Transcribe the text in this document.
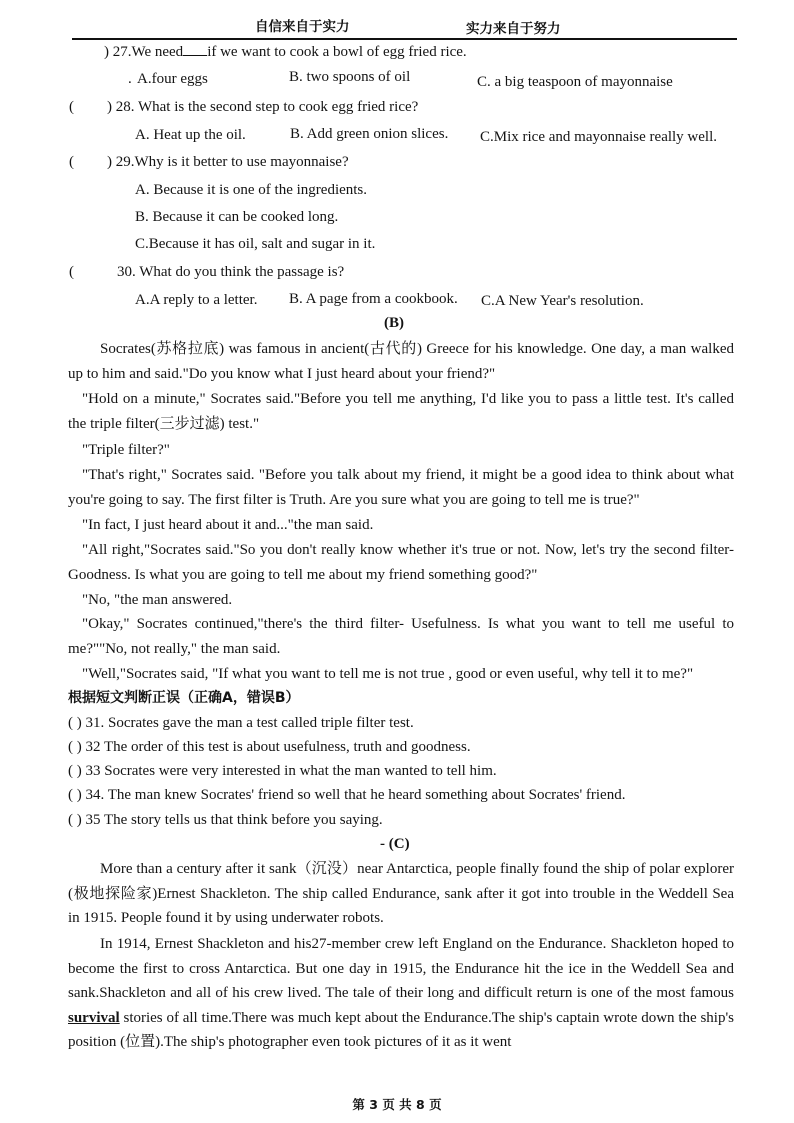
自信来自于实力	实力来自于努力
) 27.We need if we want to cook a bowl of egg fried rice.
. A.four eggs	B. two spoons of oil	C. a big teaspoon of mayonnaise
( ) 28. What is the second step to cook egg fried rice?
A. Heat up the oil.	B. Add green onion slices. C.Mix rice and mayonnaise really well.
( ) 29.Why is it better to use mayonnaise?
A. Because it is one of the ingredients.
B. Because it can be cooked long.
C.Because it has oil, salt and sugar in it.
(	30. What do you think the passage is?
A.A reply to a letter. B. A page from a cookbook. C.A New Year's resolution.
(B)
Socrates(苏格拉底) was famous in ancient(古代的) Greece for his knowledge. One day, a man walked up to him and said."Do you know what I just heard about your friend?"
"Hold on a minute," Socrates said."Before you tell me anything, I'd like you to pass a little test. It's called the triple filter(三步过滤) test."
"Triple filter?"
"That's right," Socrates said. "Before you talk about my friend, it might be a good idea to think about what you're going to say. The first filter is Truth. Are you sure what you are going to tell me is true?"
"In fact, I just heard about it and..."the man said.
"All right,"Socrates said."So you don't really know whether it's true or not. Now, let's try the second filter-Goodness. Is what you are going to tell me about my friend something good?"
"No, "the man answered.
"Okay," Socrates continued,"there's the third filter- Usefulness. Is what you want to tell me useful to me?""No, not really," the man said.
"Well,"Socrates said, "If what you want to tell me is not true , good or even useful, why tell it to me?"
根据短文判断正误（正确A，错误B）
( ) 31. Socrates gave the man a test called triple filter test.
( ) 32 The order of this test is about usefulness, truth and goodness.
( ) 33 Socrates were very interested in what the man wanted to tell him.
( ) 34. The man knew Socrates' friend so well that he heard something about Socrates' friend.
( ) 35 The story tells us that think before you saying.
- (C)
More than a century after it sank（沉没）near Antarctica, people finally found the ship of polar explorer (极地探险家)Ernest Shackleton. The ship called Endurance, sank after it got into trouble in the Weddell Sea in 1915. People found it by using underwater robots.
In 1914, Ernest Shackleton and his27-member crew left England on the Endurance. Shackleton hoped to become the first to cross Antarctica. But one day in 1915, the Endurance hit the ice in the Weddell Sea and sank.Shackleton and all of his crew lived. The tale of their long and difficult return is one of the most famous survival stories of all time.There was much kept about the Endurance.The ship's captain wrote down the ship's position (位置).The ship's photographer even took pictures of it as it went
第 3 页 共 8 页
